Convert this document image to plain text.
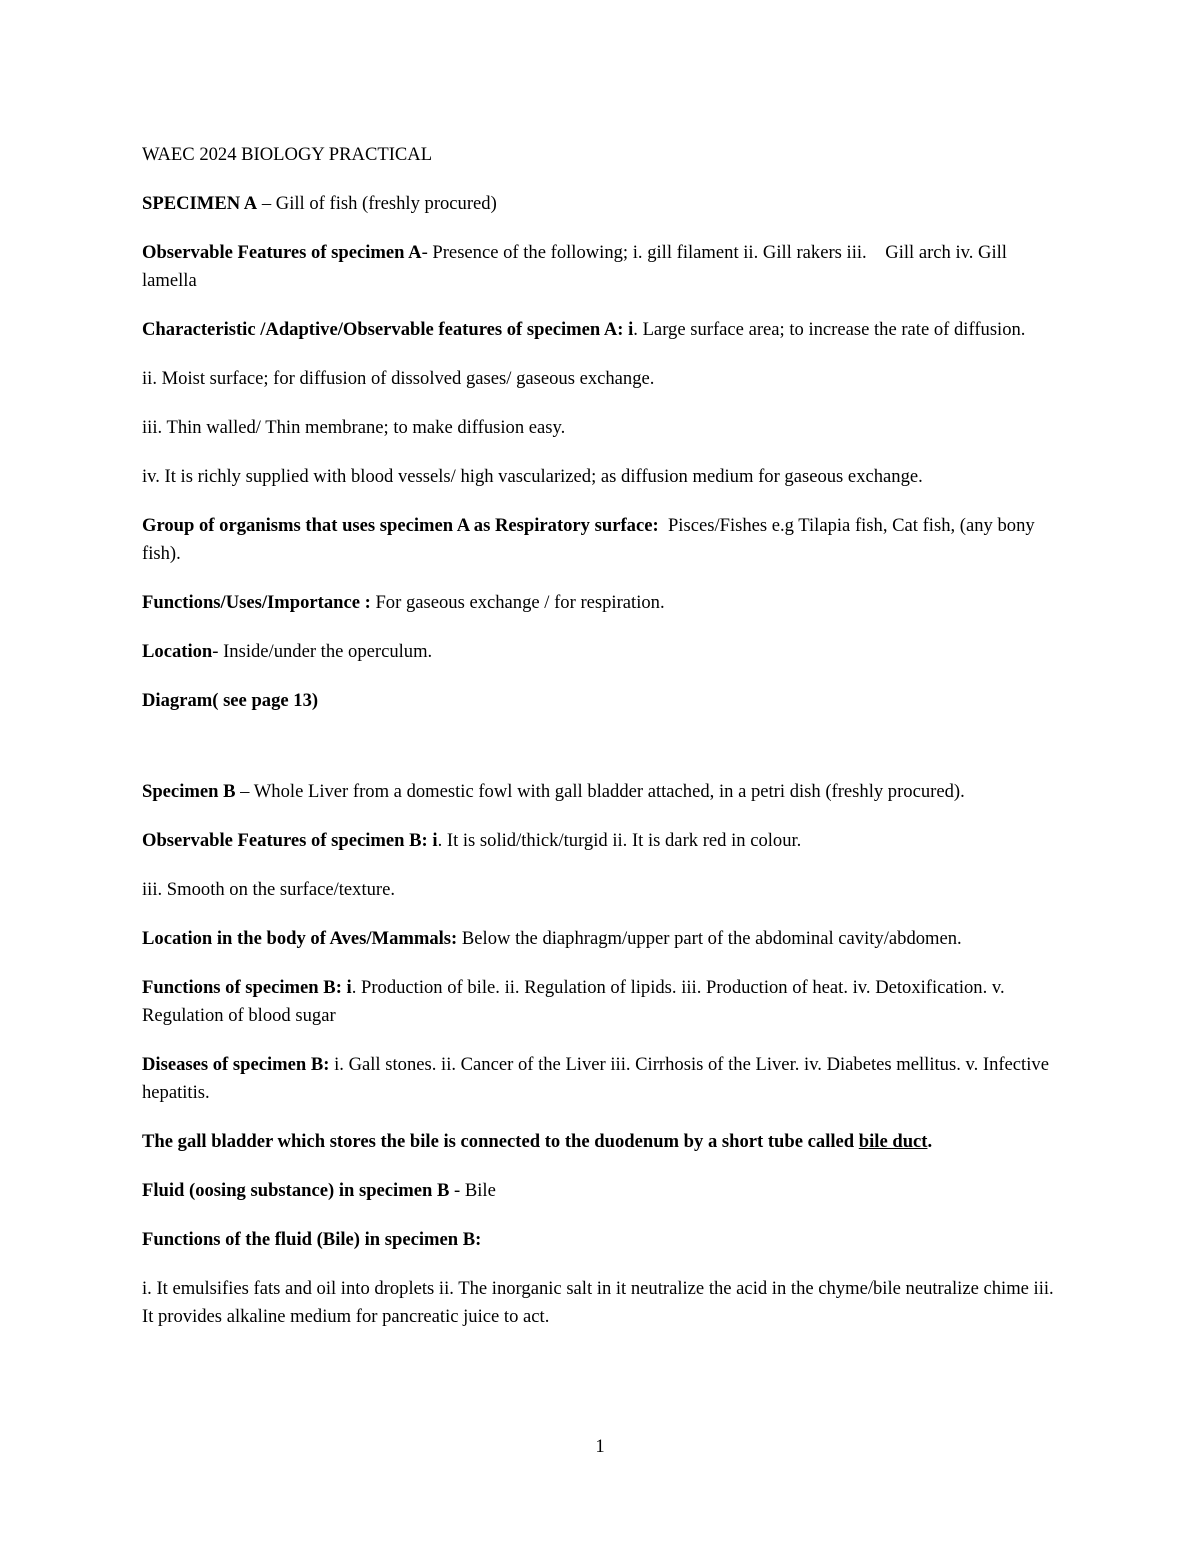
WAEC 2024 BIOLOGY PRACTICAL

SPECIMEN A – Gill of fish (freshly procured)

Observable Features of specimen A- Presence of the following; i. gill filament ii. Gill rakers iii.    Gill arch iv. Gill lamella

Characteristic /Adaptive/Observable features of specimen A: i. Large surface area; to increase the rate of diffusion.

ii. Moist surface; for diffusion of dissolved gases/ gaseous exchange.

iii. Thin walled/ Thin membrane; to make diffusion easy.

iv. It is richly supplied with blood vessels/ high vascularized; as diffusion medium for gaseous exchange.

Group of organisms that uses specimen A as Respiratory surface:  Pisces/Fishes e.g Tilapia fish, Cat fish, (any bony fish).

Functions/Uses/Importance : For gaseous exchange / for respiration.

Location- Inside/under the operculum.

Diagram( see page 13)

Specimen B – Whole Liver from a domestic fowl with gall bladder attached, in a petri dish (freshly procured).

Observable Features of specimen B: i. It is solid/thick/turgid ii. It is dark red in colour.

iii. Smooth on the surface/texture.

Location in the body of Aves/Mammals: Below the diaphragm/upper part of the abdominal cavity/abdomen.

Functions of specimen B: i. Production of bile. ii. Regulation of lipids. iii. Production of heat. iv. Detoxification. v. Regulation of blood sugar

Diseases of specimen B: i. Gall stones. ii. Cancer of the Liver iii. Cirrhosis of the Liver. iv. Diabetes mellitus. v. Infective hepatitis.

The gall bladder which stores the bile is connected to the duodenum by a short tube called bile duct.

Fluid (oosing substance) in specimen B - Bile

Functions of the fluid (Bile) in specimen B:

i. It emulsifies fats and oil into droplets ii. The inorganic salt in it neutralize the acid in the chyme/bile neutralize chime iii. It provides alkaline medium for pancreatic juice to act.

1
